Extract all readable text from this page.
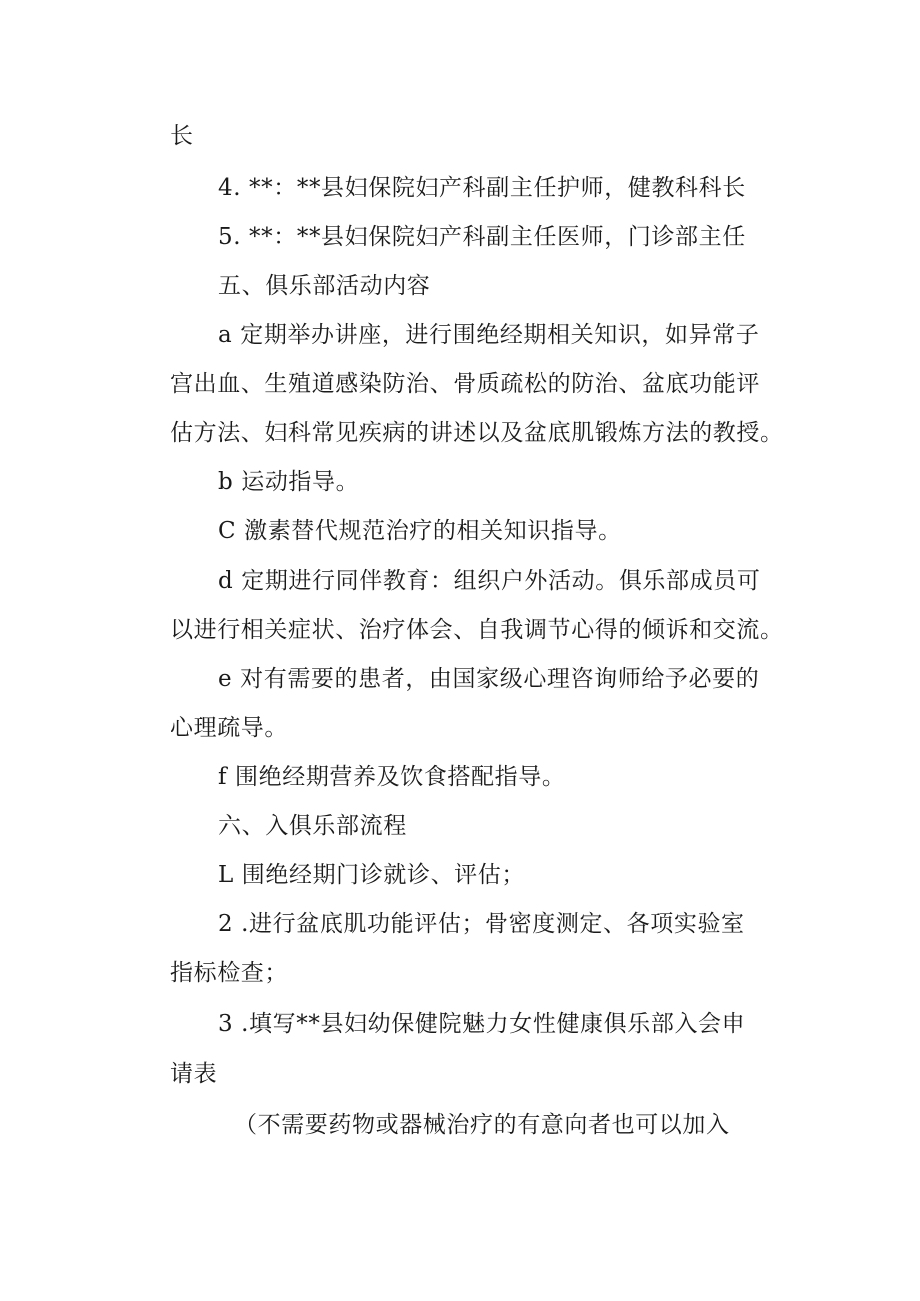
长
4. **：**县妇保院妇产科副主任护师，健教科科长
5. **：**县妇保院妇产科副主任医师，门诊部主任
五、俱乐部活动内容
a 定期举办讲座，进行围绝经期相关知识，如异常子
宫出血、生殖道感染防治、骨质疏松的防治、盆底功能评
估方法、妇科常见疾病的讲述以及盆底肌锻炼方法的教授。
b 运动指导。
C 激素替代规范治疗的相关知识指导。
d 定期进行同伴教育：组织户外活动。俱乐部成员可
以进行相关症状、治疗体会、自我调节心得的倾诉和交流。
e 对有需要的患者，由国家级心理咨询师给予必要的
心理疏导。
f 围绝经期营养及饮食搭配指导。
六、入俱乐部流程
L 围绝经期门诊就诊、评估；
2 .进行盆底肌功能评估；骨密度测定、各项实验室
指标检查；
3 .填写**县妇幼保健院魅力女性健康俱乐部入会申
请表
（不需要药物或器械治疗的有意向者也可以加入
